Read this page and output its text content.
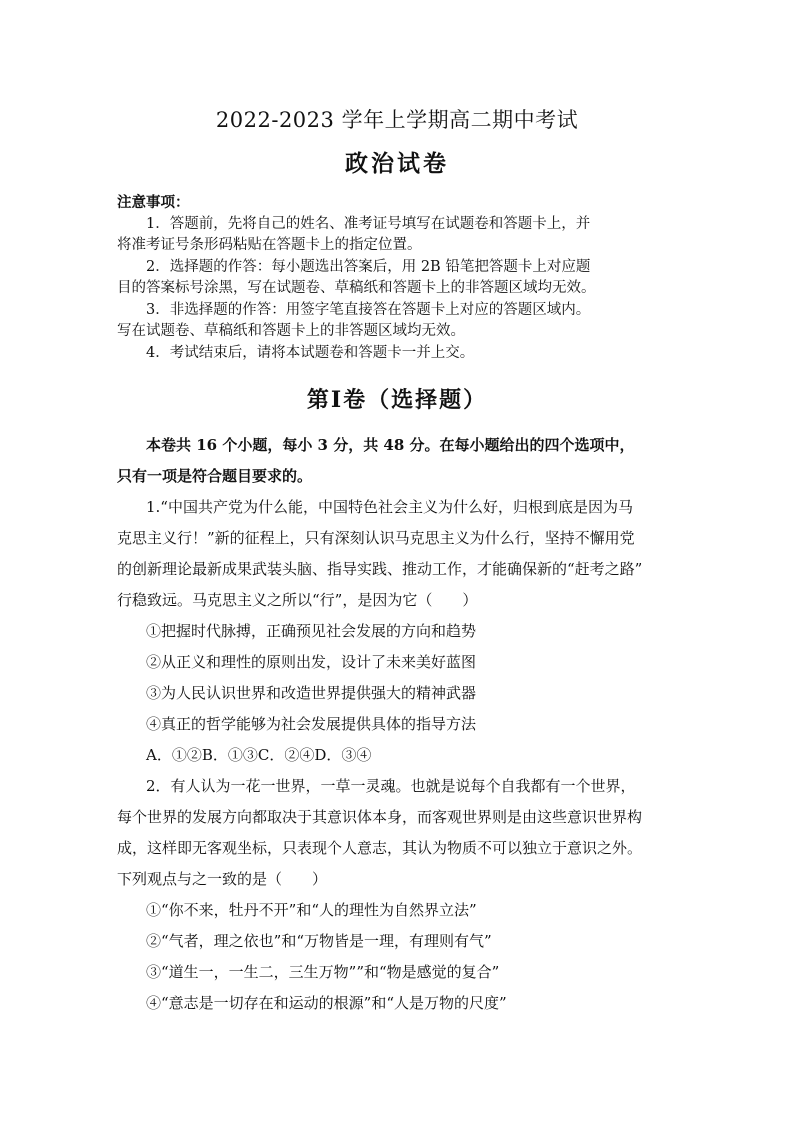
2022-2023 学年上学期高二期中考试
政治试卷

注意事项：

1．答题前，先将自己的姓名、准考证号填写在试题卷和答题卡上，并

将准考证号条形码粘贴在答题卡上的指定位置。

2．选择题的作答：每小题选出答案后，用 2B 铅笔把答题卡上对应题

目的答案标号涂黑，写在试题卷、草稿纸和答题卡上的非答题区域均无效。

3．非选择题的作答：用签字笔直接答在答题卡上对应的答题区域内。

写在试题卷、草稿纸和答题卡上的非答题区域均无效。

4．考试结束后，请将本试题卷和答题卡一并上交。

第Ⅰ卷（选择题）

本卷共 16 个小题，每小 3 分，共 48 分。在每小题给出的四个选项中，

只有一项是符合题目要求的。

1.“中国共产党为什么能，中国特色社会主义为什么好，归根到底是因为马

克思主义行！”新的征程上，只有深刻认识马克思主义为什么行，坚持不懈用党

的创新理论最新成果武装头脑、指导实践、推动工作，才能确保新的“赶考之路”

行稳致远。马克思主义之所以“行”，是因为它（　　）

①把握时代脉搏，正确预见社会发展的方向和趋势

②从正义和理性的原则出发，设计了未来美好蓝图

③为人民认识世界和改造世界提供强大的精神武器

④真正的哲学能够为社会发展提供具体的指导方法

A．①②B．①③C．②④D．③④

2．有人认为一花一世界，一草一灵魂。也就是说每个自我都有一个世界，

每个世界的发展方向都取决于其意识体本身，而客观世界则是由这些意识世界构

成，这样即无客观坐标，只表现个人意志，其认为物质不可以独立于意识之外。

下列观点与之一致的是（　　）

①“你不来，牡丹不开”和“人的理性为自然界立法”

②“气者，理之依也”和“万物皆是一理，有理则有气”

③“道生一，一生二，三生万物””和“物是感觉的复合”

④“意志是一切存在和运动的根源”和“人是万物的尺度”
